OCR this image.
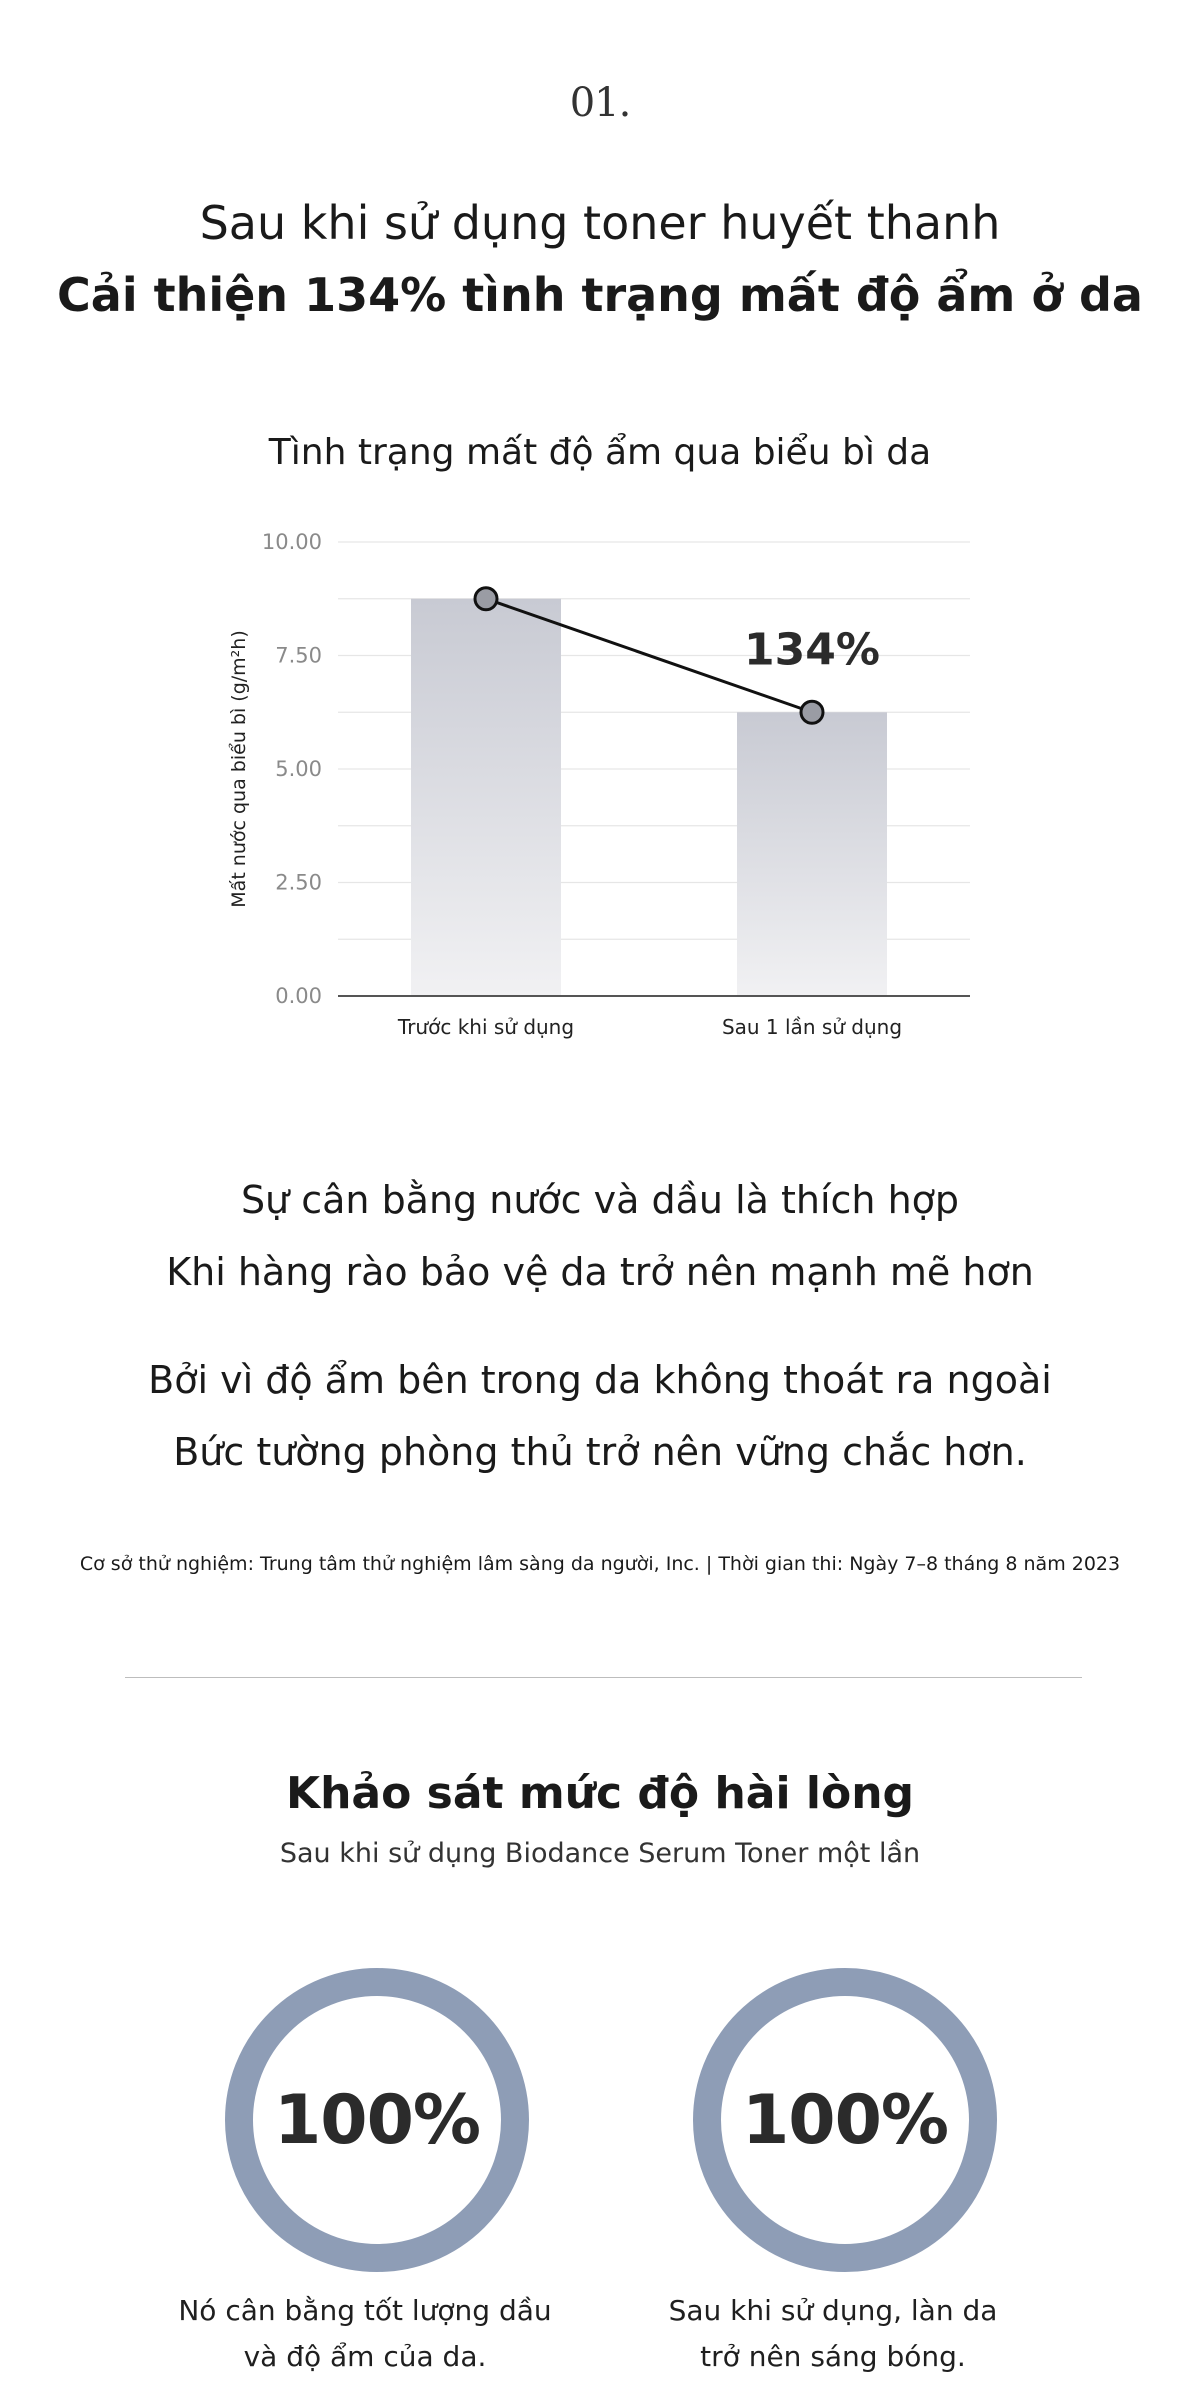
01.
Sau khi sử dụng toner huyết thanh
Cải thiện 134% tình trạng mất độ ẩm ở da
Tình trạng mất độ ẩm qua biểu bì da
0.00
2.50
5.00
7.50
10.00
Trước khi sử dụng	Sau 1 lần sử dụng
134%
Mất nước qua biểu bì (g/m²h)
Sự cân bằng nước và dầu là thích hợp
Khi hàng rào bảo vệ da trở nên mạnh mẽ hơn
Bởi vì độ ẩm bên trong da không thoát ra ngoài
Bức tường phòng thủ trở nên vững chắc hơn.
Cơ sở thử nghiệm: Trung tâm thử nghiệm lâm sàng da người, Inc. | Thời gian thi: Ngày 7–8 tháng 8 năm 2023
Khảo sát mức độ hài lòng
Sau khi sử dụng Biodance Serum Toner một lần
100%	100%
Nó cân bằng tốt lượng dầu
và độ ẩm của da.
Sau khi sử dụng, làn da
trở nên sáng bóng.
